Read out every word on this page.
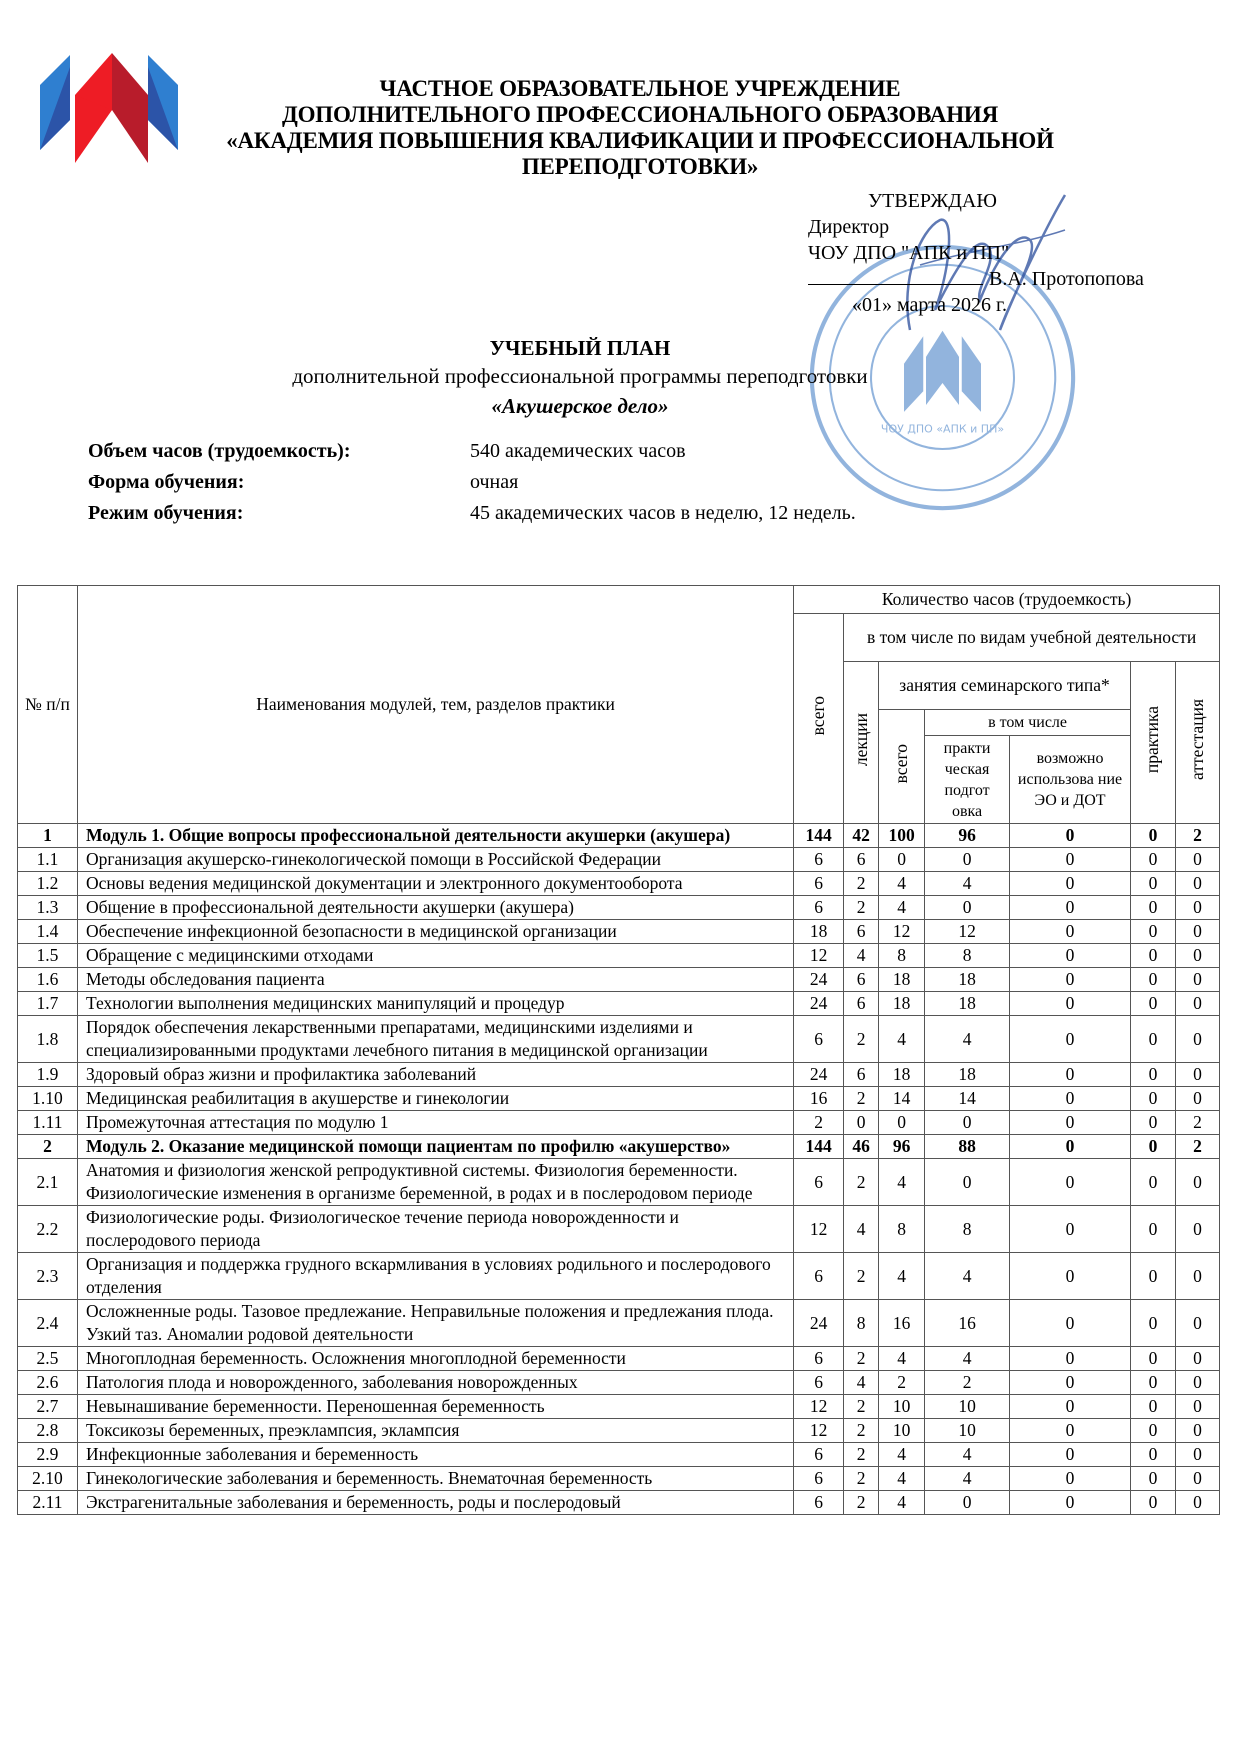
ЧАСТНОЕ ОБРАЗОВАТЕЛЬНОЕ УЧРЕЖДЕНИЕ
ДОПОЛНИТЕЛЬНОГО ПРОФЕССИОНАЛЬНОГО ОБРАЗОВАНИЯ
«АКАДЕМИЯ ПОВЫШЕНИЯ КВАЛИФИКАЦИИ И ПРОФЕССИОНАЛЬНОЙ
ПЕРЕПОДГОТОВКИ»
ЧОУ ДПО «АПК и ПП»
УТВЕРЖДАЮ
Директор
ЧОУ ДПО "АПК и ПП"
В.А. Протопопова
«01» марта 2026 г.
УЧЕБНЫЙ ПЛАН
дополнительной профессиональной программы переподготовки
«Акушерское дело»
Объем часов (трудоемкость):	540 академических часов
Форма обучения:	очная
Режим обучения:	45 академических часов в неделю, 12 недель.
№ п/п	Наименования модулей, тем, разделов практики	Количество часов (трудоемкость)						
		всего	в том числе по видам учебной деятельности					
			лекции	занятия семинарского типа*			практика	аттестация
				всего	в том числе			
					практи ческая подгот овка	возможно использова ние ЭО и ДОТ		
1	Модуль 1. Общие вопросы профессиональной деятельности акушерки (акушера)	144	42	100	96	0	0	2
1.1	Организация акушерско-гинекологической помощи в Российской Федерации	6	6	0	0	0	0	0
1.2	Основы ведения медицинской документации и электронного документооборота	6	2	4	4	0	0	0
1.3	Общение в профессиональной деятельности акушерки (акушера)	6	2	4	0	0	0	0
1.4	Обеспечение инфекционной безопасности в медицинской организации	18	6	12	12	0	0	0
1.5	Обращение с медицинскими отходами	12	4	8	8	0	0	0
1.6	Методы обследования пациента	24	6	18	18	0	0	0
1.7	Технологии выполнения медицинских манипуляций и процедур	24	6	18	18	0	0	0
1.8	Порядок обеспечения лекарственными препаратами, медицинскими изделиями и специализированными продуктами лечебного питания в медицинской организации	6	2	4	4	0	0	0
1.9	Здоровый образ жизни и профилактика заболеваний	24	6	18	18	0	0	0
1.10	Медицинская реабилитация в акушерстве и гинекологии	16	2	14	14	0	0	0
1.11	Промежуточная аттестация по модулю 1	2	0	0	0	0	0	2
2	Модуль 2. Оказание медицинской помощи пациентам по профилю «акушерство»	144	46	96	88	0	0	2
2.1	Анатомия и физиология женской репродуктивной системы. Физиология беременности. Физиологические изменения в организме беременной, в родах и в послеродовом периоде	6	2	4	0	0	0	0
2.2	Физиологические роды. Физиологическое течение периода новорожденности и послеродового периода	12	4	8	8	0	0	0
2.3	Организация и поддержка грудного вскармливания в условиях родильного и послеродового отделения	6	2	4	4	0	0	0
2.4	Осложненные роды. Тазовое предлежание. Неправильные положения и предлежания плода. Узкий таз. Аномалии родовой деятельности	24	8	16	16	0	0	0
2.5	Многоплодная беременность. Осложнения многоплодной беременности	6	2	4	4	0	0	0
2.6	Патология плода и новорожденного, заболевания новорожденных	6	4	2	2	0	0	0
2.7	Невынашивание беременности. Переношенная беременность	12	2	10	10	0	0	0
2.8	Токсикозы беременных, преэклампсия, эклампсия	12	2	10	10	0	0	0
2.9	Инфекционные заболевания и беременность	6	2	4	4	0	0	0
2.10	Гинекологические заболевания и беременность. Внематочная беременность	6	2	4	4	0	0	0
2.11	Экстрагенитальные заболевания и беременность, роды и послеродовый	6	2	4	0	0	0	0
